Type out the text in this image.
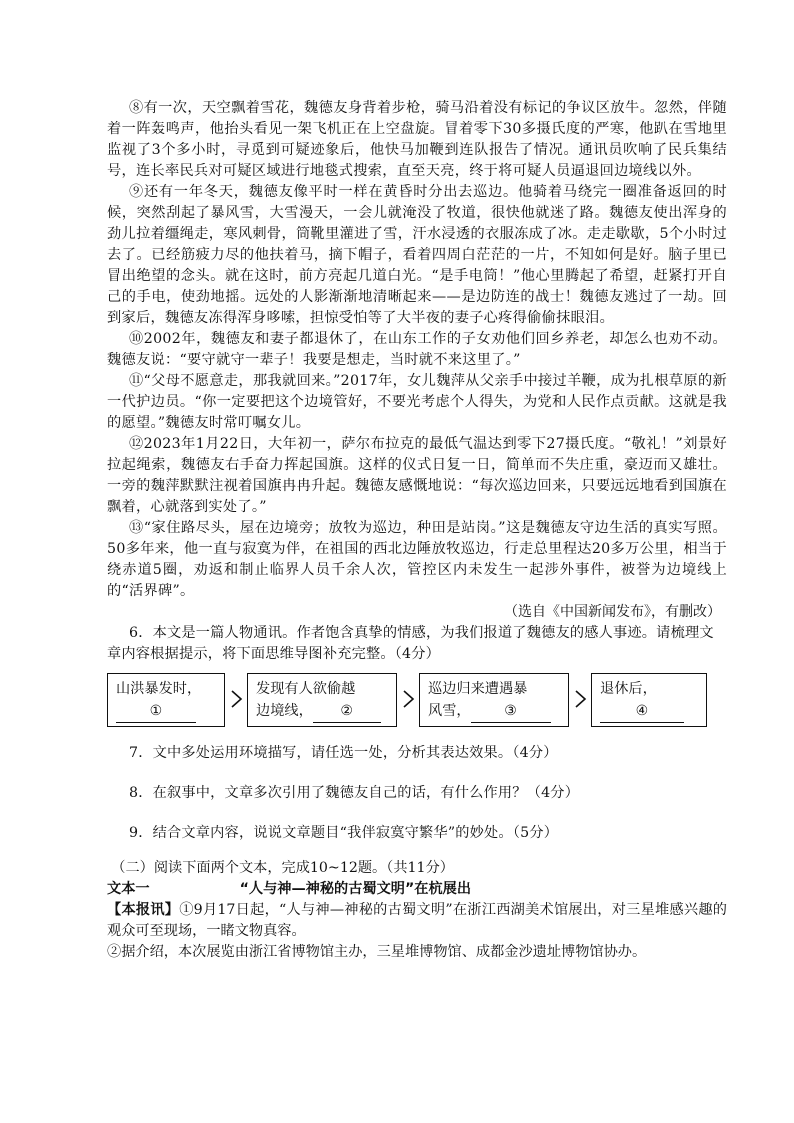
⑧有一次，天空飘着雪花，魏德友身背着步枪，骑马沿着没有标记的争议区放牛。忽然，伴随着一阵轰鸣声，他抬头看见一架飞机正在上空盘旋。冒着零下30多摄氏度的严寒，他趴在雪地里监视了3个多小时，寻觅到可疑迹象后，他快马加鞭到连队报告了情况。通讯员吹响了民兵集结号，连长率民兵对可疑区域进行地毯式搜索，直至天亮，终于将可疑人员逼退回边境线以外。

⑨还有一年冬天，魏德友像平时一样在黄昏时分出去巡边。他骑着马绕完一圈准备返回的时候，突然刮起了暴风雪，大雪漫天，一会儿就淹没了牧道，很快他就迷了路。魏德友使出浑身的劲儿拉着缰绳走，寒风刺骨，筒靴里灌进了雪，汗水浸透的衣服冻成了冰。走走歇歇，5个小时过去了。已经筋疲力尽的他扶着马，摘下帽子，看着四周白茫茫的一片，不知如何是好。脑子里已冒出绝望的念头。就在这时，前方亮起几道白光。“是手电筒！”他心里腾起了希望，赶紧打开自己的手电，使劲地摇。远处的人影渐渐地清晰起来——是边防连的战士！魏德友逃过了一劫。回到家后，魏德友冻得浑身哆嗦，担惊受怕等了大半夜的妻子心疼得偷偷抹眼泪。

⑩2002年，魏德友和妻子都退休了，在山东工作的子女劝他们回乡养老，却怎么也劝不动。魏德友说：“要守就守一辈子！我要是想走，当时就不来这里了。”

⑪“父母不愿意走，那我就回来。”2017年，女儿魏萍从父亲手中接过羊鞭，成为扎根草原的新一代护边员。“你一定要把这个边境管好，不要光考虑个人得失，为党和人民作点贡献。这就是我的愿望。”魏德友时常叮嘱女儿。

⑫2023年1月22日，大年初一，萨尔布拉克的最低气温达到零下27摄氏度。“敬礼！”刘景好拉起绳索，魏德友右手奋力挥起国旗。这样的仪式日复一日，简单而不失庄重，豪迈而又雄壮。一旁的魏萍默默注视着国旗冉冉升起。魏德友感慨地说：“每次巡边回来，只要远远地看到国旗在飘着，心就落到实处了。”

⑬“家住路尽头，屋在边境旁；放牧为巡边，种田是站岗。”这是魏德友守边生活的真实写照。50多年来，他一直与寂寞为伴，在祖国的西北边陲放牧巡边，行走总里程达20多万公里，相当于绕赤道5圈，劝返和制止临界人员千余人次，管控区内未发生一起涉外事件，被誉为边境线上的“活界碑”。

（选自《中国新闻发布》，有删改）

6．本文是一篇人物通讯。作者饱含真挚的情感，为我们报道了魏德友的感人事迹。请梳理文章内容根据提示，将下面思维导图补充完整。（4分）

山洪暴发时，
①
发现有人欲偷越
边境线， ②
巡边归来遭遇暴
风雪， ③
退休后，
④

7．文中多处运用环境描写，请任选一处，分析其表达效果。（4分）

8．在叙事中，文章多次引用了魏德友自己的话，有什么作用？（4分）

9．结合文章内容，说说文章题目“我伴寂寞守繁华”的妙处。（5分）

（二）阅读下面两个文本，完成10~12题。（共11分）

文本一	“人与神—神秘的古蜀文明”在杭展出

【本报讯】①9月17日起，“人与神—神秘的古蜀文明”在浙江西湖美术馆展出，对三星堆感兴趣的观众可至现场，一睹文物真容。

②据介绍，本次展览由浙江省博物馆主办，三星堆博物馆、成都金沙遗址博物馆协办。
